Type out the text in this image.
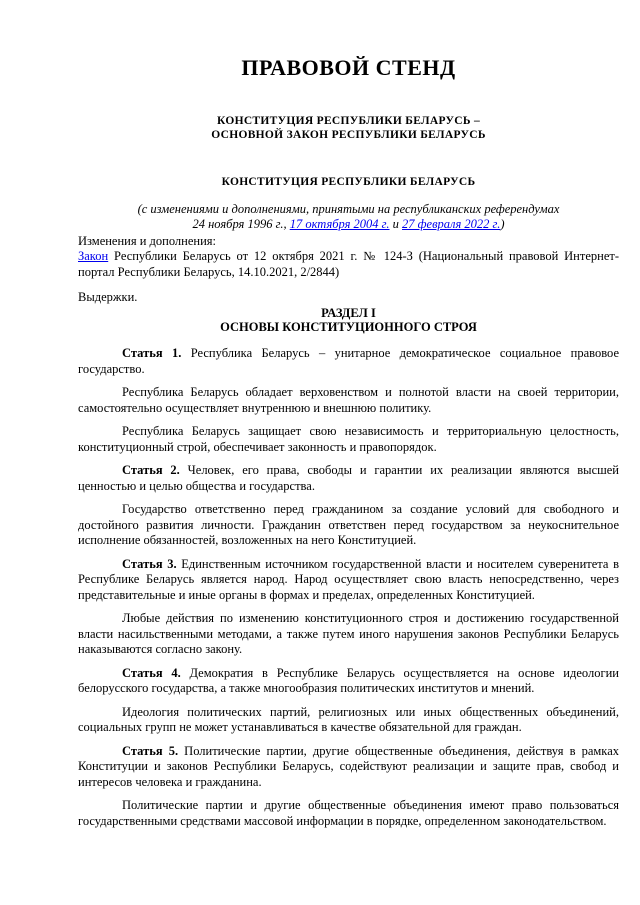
ПРАВОВОЙ СТЕНД
КОНСТИТУЦИЯ РЕСПУБЛИКИ БЕЛАРУСЬ –
ОСНОВНОЙ ЗАКОН РЕСПУБЛИКИ БЕЛАРУСЬ
КОНСТИТУЦИЯ РЕСПУБЛИКИ БЕЛАРУСЬ
(с изменениями и дополнениями, принятыми на республиканских референдумах
24 ноября 1996 г., 17 октября 2004 г. и 27 февраля 2022 г.)
Изменения и дополнения:

Закон Республики Беларусь от 12 октября 2021 г. № 124-З (Национальный правовой Интернет-портал Республики Беларусь, 14.10.2021, 2/2844)

Выдержки.
РАЗДЕЛ I
ОСНОВЫ КОНСТИТУЦИОННОГО СТРОЯ

Статья 1. Республика Беларусь – унитарное демократическое социальное правовое государство.

Республика Беларусь обладает верховенством и полнотой власти на своей территории, самостоятельно осуществляет внутреннюю и внешнюю политику.

Республика Беларусь защищает свою независимость и территориальную целостность, конституционный строй, обеспечивает законность и правопорядок.

Статья 2. Человек, его права, свободы и гарантии их реализации являются высшей ценностью и целью общества и государства.

Государство ответственно перед гражданином за создание условий для свободного и достойного развития личности. Гражданин ответствен перед государством за неукоснительное исполнение обязанностей, возложенных на него Конституцией.

Статья 3. Единственным источником государственной власти и носителем суверенитета в Республике Беларусь является народ. Народ осуществляет свою власть непосредственно, через представительные и иные органы в формах и пределах, определенных Конституцией.

Любые действия по изменению конституционного строя и достижению государственной власти насильственными методами, а также путем иного нарушения законов Республики Беларусь наказываются согласно закону.

Статья 4. Демократия в Республике Беларусь осуществляется на основе идеологии белорусского государства, а также многообразия политических институтов и мнений.

Идеология политических партий, религиозных или иных общественных объединений, социальных групп не может устанавливаться в качестве обязательной для граждан.

Статья 5. Политические партии, другие общественные объединения, действуя в рамках Конституции и законов Республики Беларусь, содействуют реализации и защите прав, свобод и интересов человека и гражданина.

Политические партии и другие общественные объединения имеют право пользоваться государственными средствами массовой информации в порядке, определенном законодательством.
